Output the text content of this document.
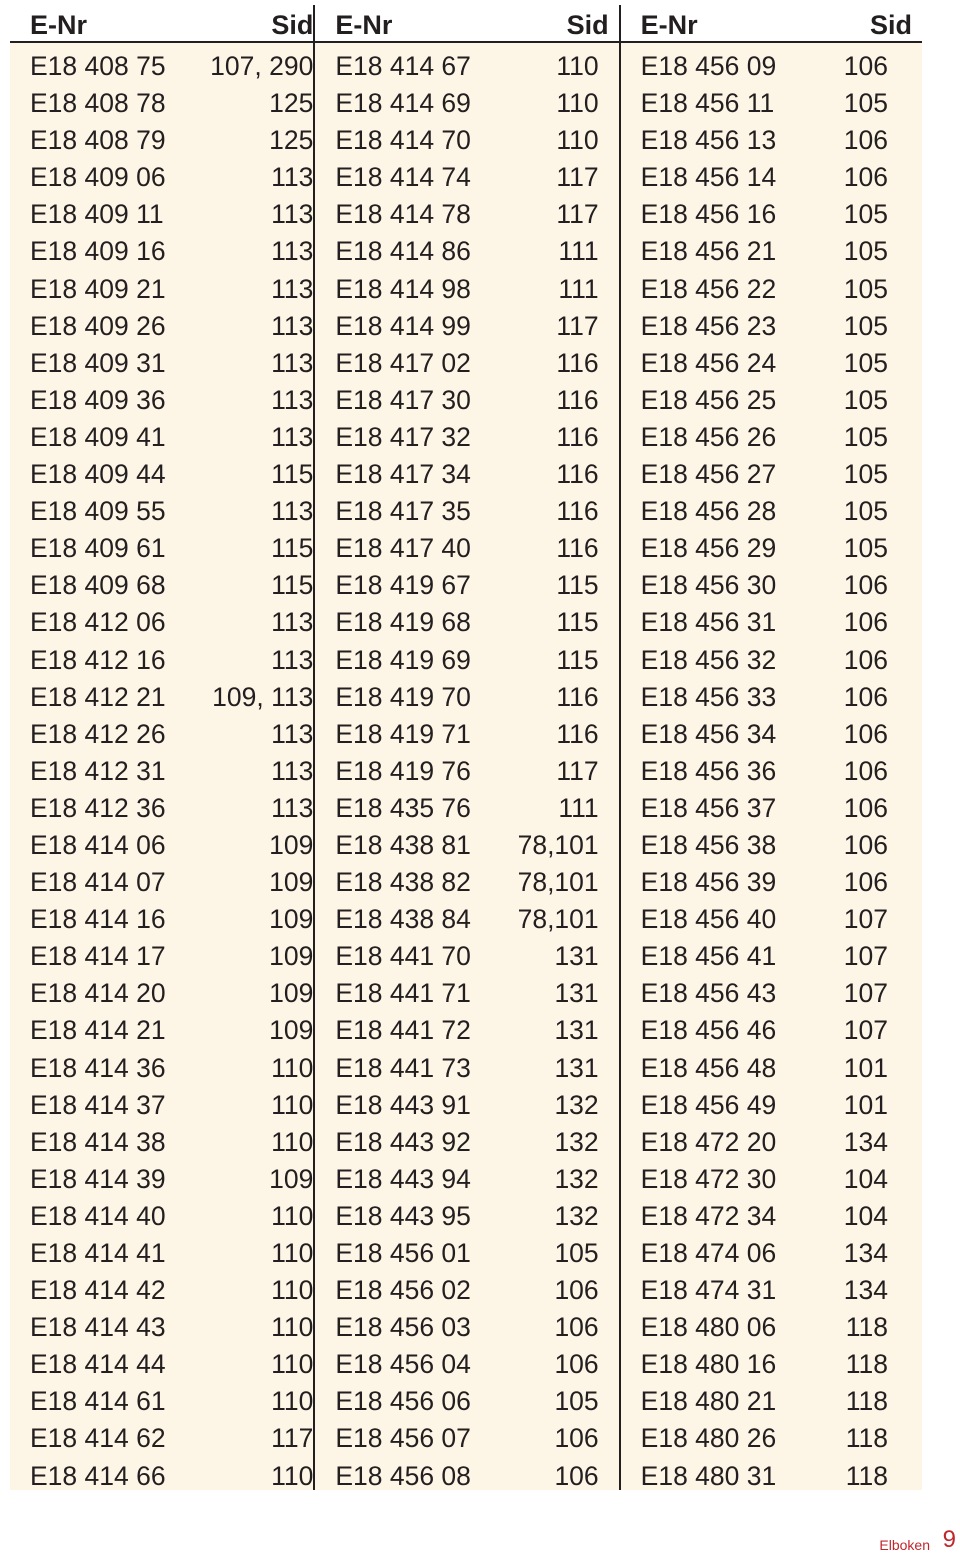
E-Nr	Sid
E18 408 75 107, 290
E18 408 78	125
E18 408 79	125
E18 409 06	113
E18 409 11	113
E18 409 16	113
E18 409 21	113
E18 409 26	113
E18 409 31	113
E18 409 36	113
E18 409 41	113
E18 409 44	115
E18 409 55	113
E18 409 61	115
E18 409 68	115
E18 412 06	113
E18 412 16	113
E18 412 21 109, 113
E18 412 26	113
E18 412 31	113
E18 412 36	113
E18 414 06	109
E18 414 07	109
E18 414 16	109
E18 414 17	109
E18 414 20	109
E18 414 21	109
E18 414 36	110
E18 414 37	110
E18 414 38	110
E18 414 39	109
E18 414 40	110
E18 414 41	110
E18 414 42	110
E18 414 43	110
E18 414 44	110
E18 414 61	110
E18 414 62	117
E18 414 66	110
E-Nr	Sid
E18 414 67	110
E18 414 69	110
E18 414 70	110
E18 414 74	117
E18 414 78	117
E18 414 86	111
E18 414 98	111
E18 414 99	117
E18 417 02	116
E18 417 30	116
E18 417 32	116
E18 417 34	116
E18 417 35	116
E18 417 40	116
E18 419 67	115
E18 419 68	115
E18 419 69	115
E18 419 70	116
E18 419 71	116
E18 419 76	117
E18 435 76	111
E18 438 81 78,101
E18 438 82 78,101
E18 438 84 78,101
E18 441 70	131
E18 441 71	131
E18 441 72	131
E18 441 73	131
E18 443 91	132
E18 443 92	132
E18 443 94	132
E18 443 95	132
E18 456 01	105
E18 456 02	106
E18 456 03	106
E18 456 04	106
E18 456 06	105
E18 456 07	106
E18 456 08	106
E-Nr	Sid
E18 456 09	106
E18 456 11	105
E18 456 13	106
E18 456 14	106
E18 456 16	105
E18 456 21	105
E18 456 22	105
E18 456 23	105
E18 456 24	105
E18 456 25	105
E18 456 26	105
E18 456 27	105
E18 456 28	105
E18 456 29	105
E18 456 30	106
E18 456 31	106
E18 456 32	106
E18 456 33	106
E18 456 34	106
E18 456 36	106
E18 456 37	106
E18 456 38	106
E18 456 39	106
E18 456 40	107
E18 456 41	107
E18 456 43	107
E18 456 46	107
E18 456 48	101
E18 456 49	101
E18 472 20	134
E18 472 30	104
E18 472 34	104
E18 474 06	134
E18 474 31	134
E18 480 06	118
E18 480 16	118
E18 480 21	118
E18 480 26	118
E18 480 31	118
Elboken 9
